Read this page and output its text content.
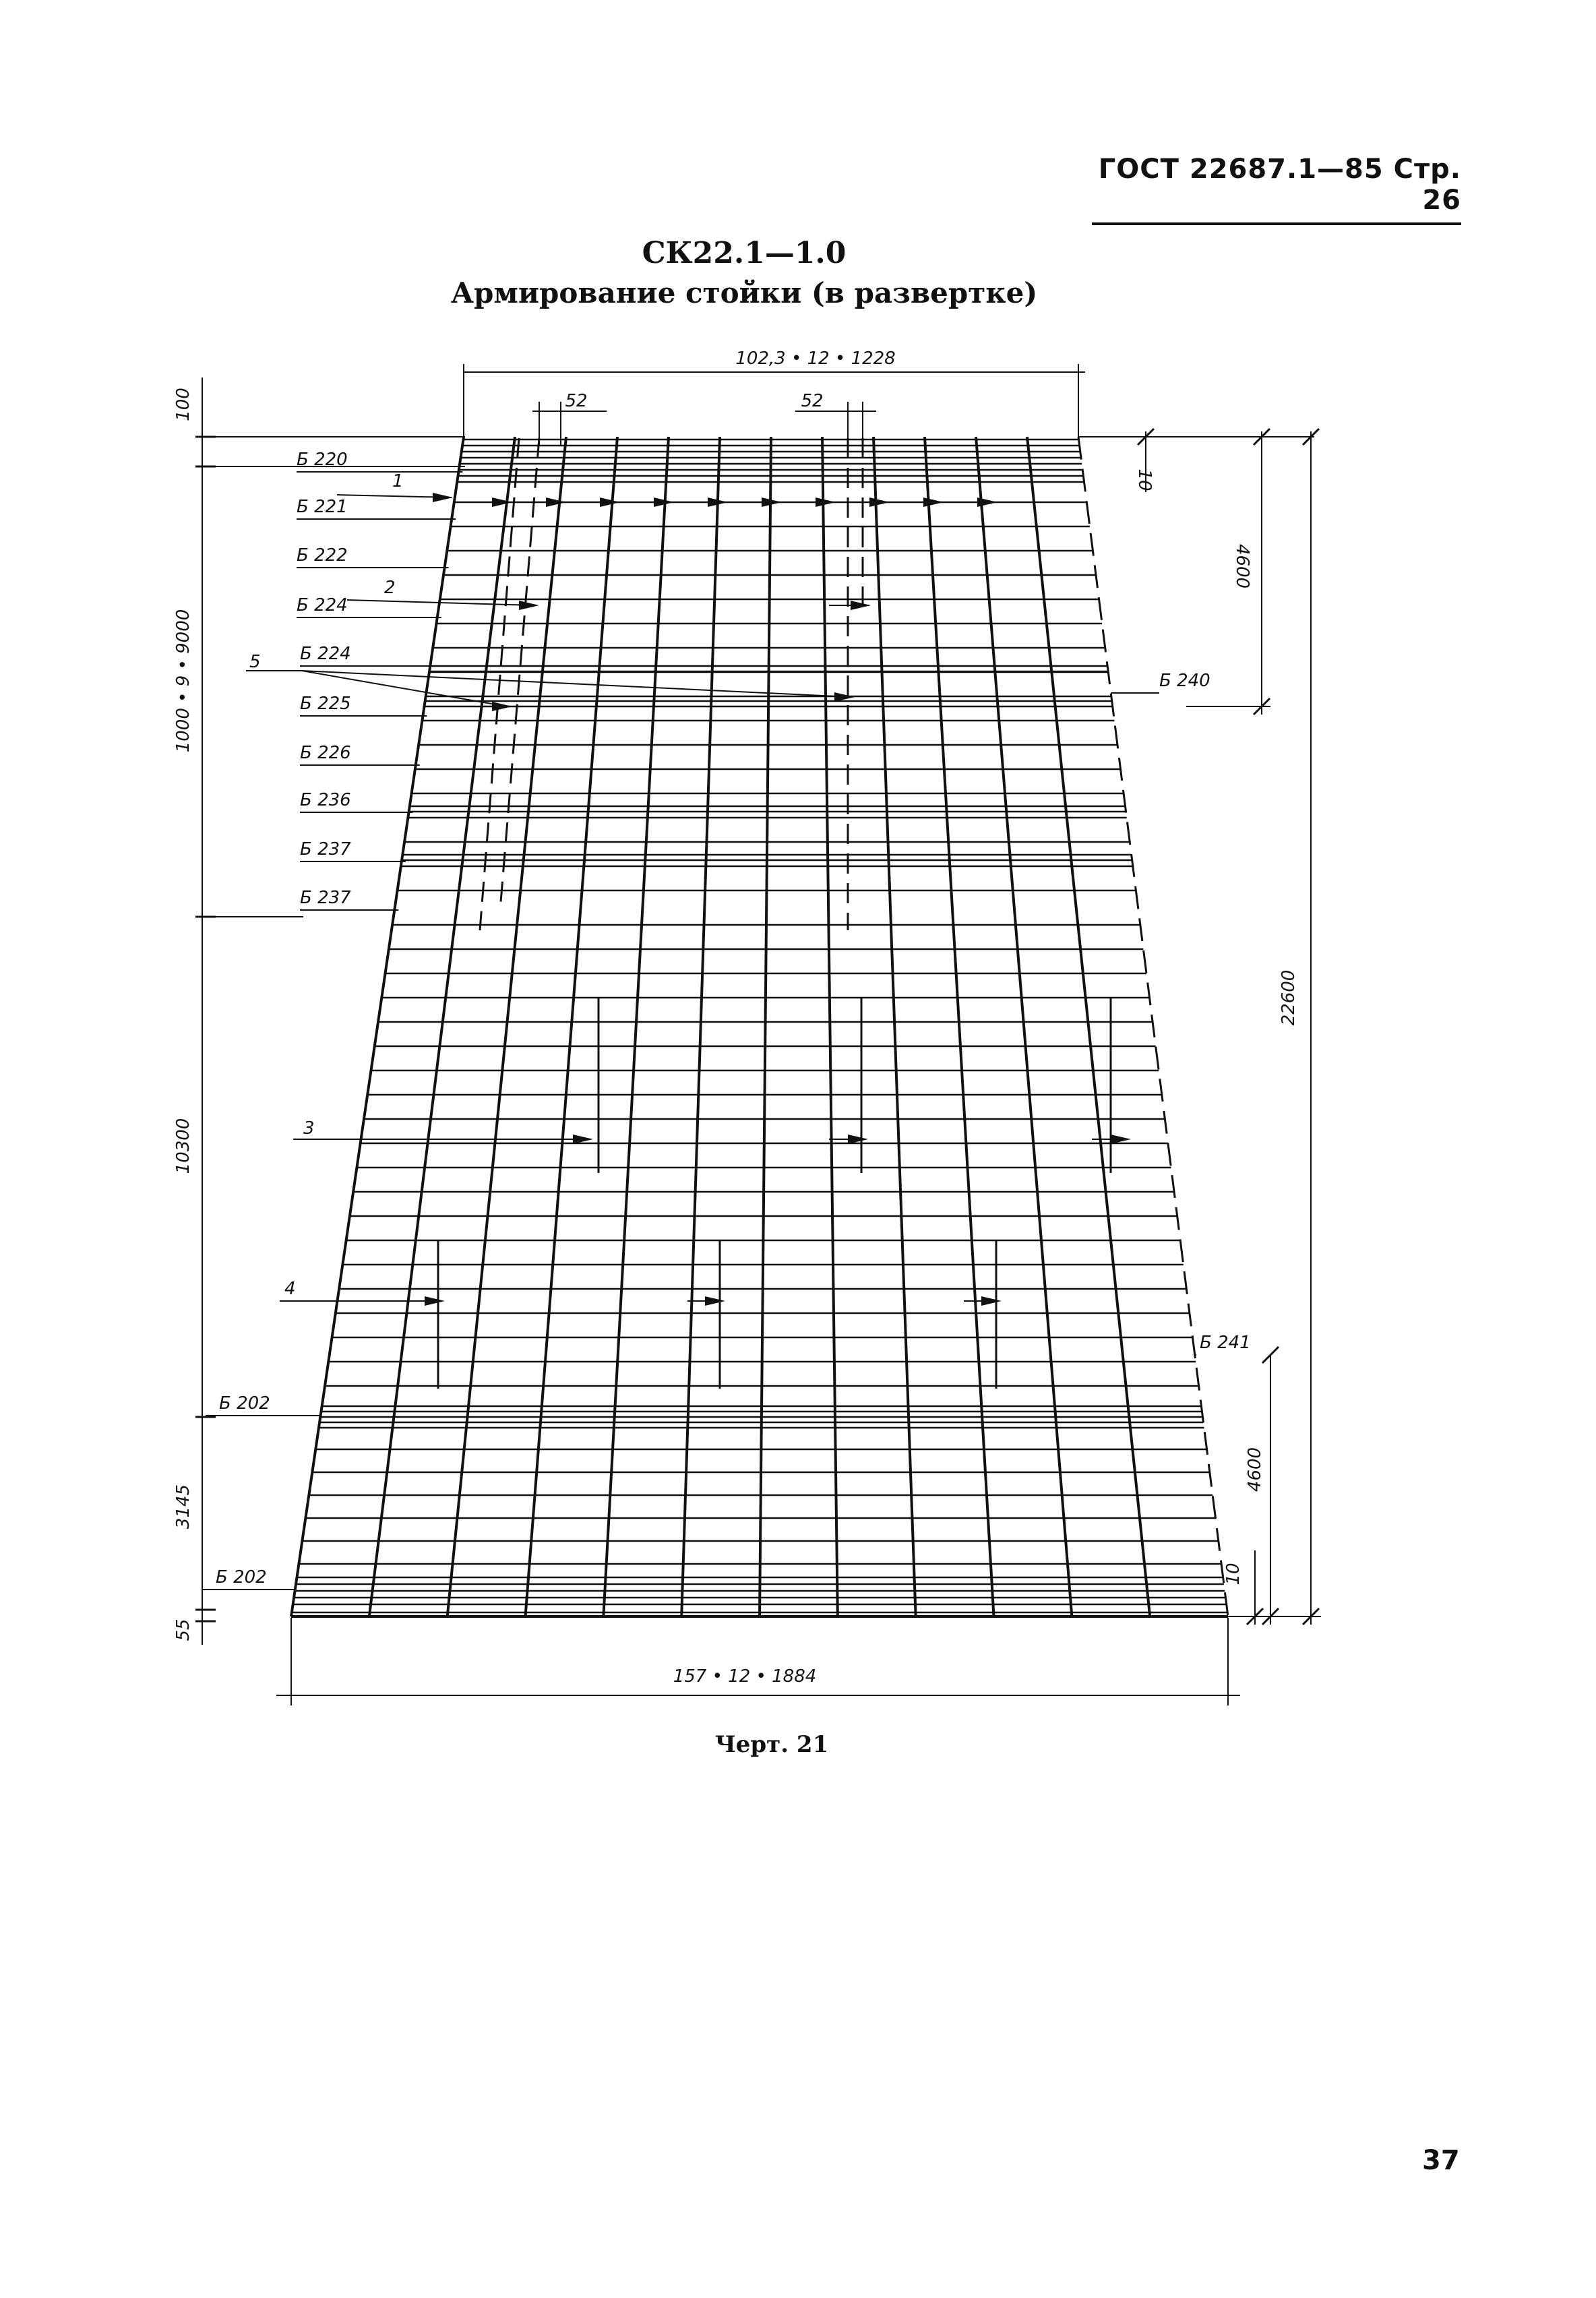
ГОСТ 22687.1—85 Стр. 26
СК22.1—1.0
Армирование стойки (в развертке)
102,3 • 12 • 1228
52	52
157 • 12 • 1884
100
1000 • 9 • 9000
10300
3145
55
10
4600
22600
4600
10
Б 220
Б 221
Б 222
Б 224
Б 224
Б 225
Б 226
Б 236
Б 237
Б 237
Б 240
Б 241
Б 202
Б 202
1
2
5
3
4
Черт. 21
37
